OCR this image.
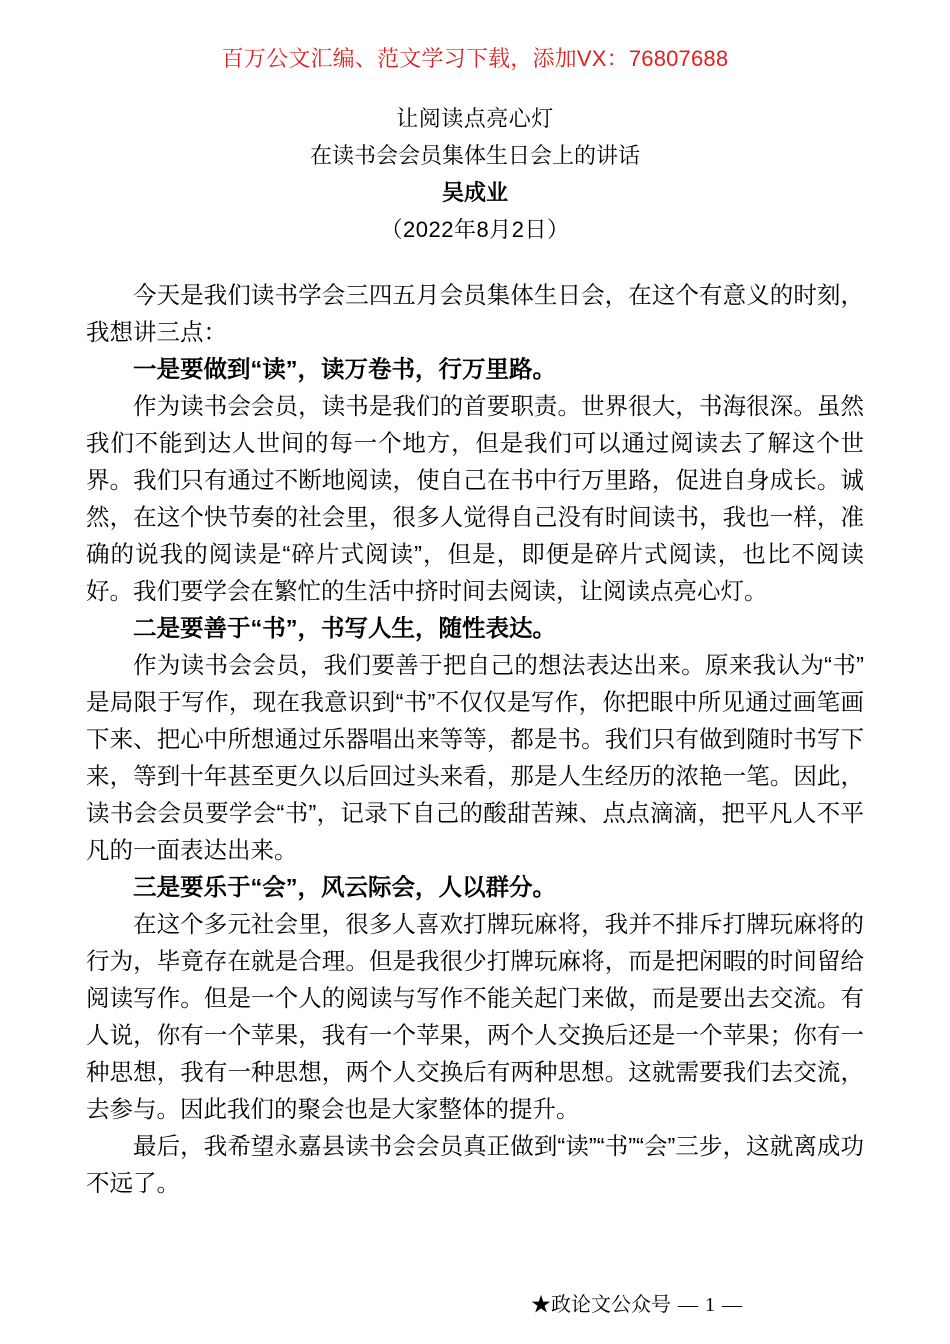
百万公文汇编、范文学习下载，添加VX：76807688
让阅读点亮心灯
在读书会会员集体生日会上的讲话
吴成业
（2022年8月2日）

今天是我们读书学会三四五月会员集体生日会，在这个有意义的时刻，我想讲三点：

一是要做到“读”，读万卷书，行万里路。

作为读书会会员，读书是我们的首要职责。世界很大，书海很深。虽然我们不能到达人世间的每一个地方，但是我们可以通过阅读去了解这个世界。我们只有通过不断地阅读，使自己在书中行万里路，促进自身成长。诚然，在这个快节奏的社会里，很多人觉得自己没有时间读书，我也一样，准确的说我的阅读是“碎片式阅读”，但是，即便是碎片式阅读，也比不阅读好。我们要学会在繁忙的生活中挤时间去阅读，让阅读点亮心灯。

二是要善于“书”，书写人生，随性表达。

作为读书会会员，我们要善于把自己的想法表达出来。原来我认为“书”是局限于写作，现在我意识到“书”不仅仅是写作，你把眼中所见通过画笔画下来、把心中所想通过乐器唱出来等等，都是书。我们只有做到随时书写下来，等到十年甚至更久以后回过头来看，那是人生经历的浓艳一笔。因此，读书会会员要学会“书”，记录下自己的酸甜苦辣、点点滴滴，把平凡人不平凡的一面表达出来。

三是要乐于“会”，风云际会，人以群分。

在这个多元社会里，很多人喜欢打牌玩麻将，我并不排斥打牌玩麻将的行为，毕竟存在就是合理。但是我很少打牌玩麻将，而是把闲暇的时间留给阅读写作。但是一个人的阅读与写作不能关起门来做，而是要出去交流。有人说，你有一个苹果，我有一个苹果，两个人交换后还是一个苹果；你有一种思想，我有一种思想，两个人交换后有两种思想。这就需要我们去交流，去参与。因此我们的聚会也是大家整体的提升。

最后，我希望永嘉县读书会会员真正做到“读”“书”“会”三步，这就离成功不远了。

★政论文公众号 — 1 —
